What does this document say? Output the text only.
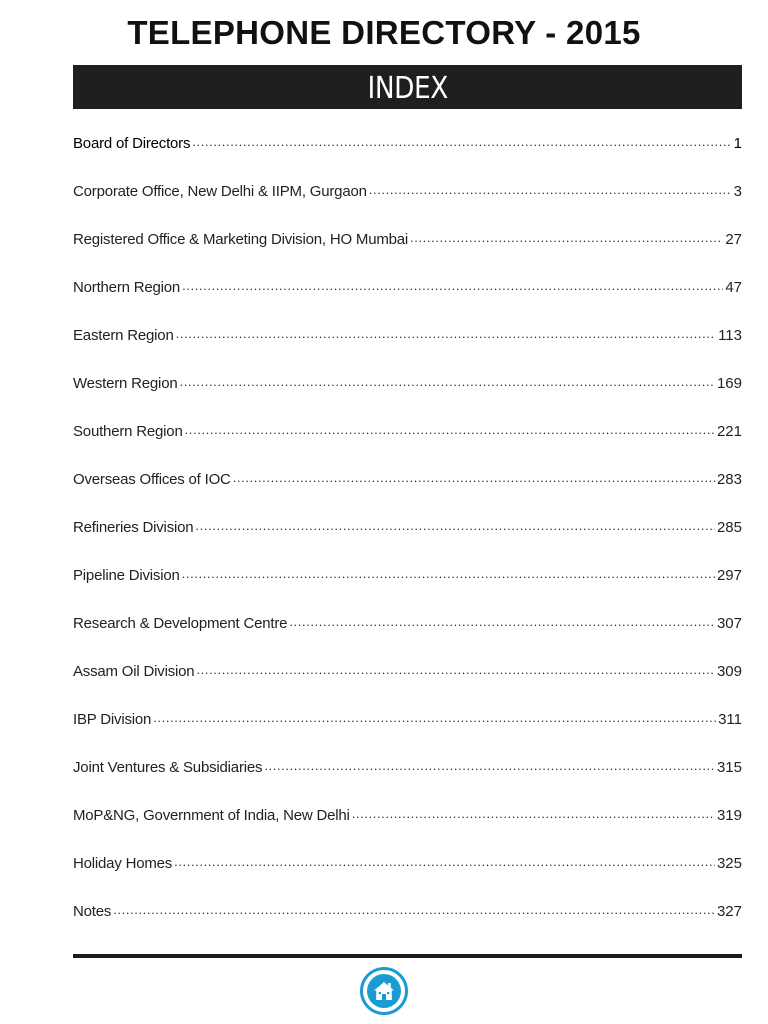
TELEPHONE DIRECTORY - 2015
INDEX
Board of Directors .....	1
Corporate Office, New Delhi & IIPM, Gurgaon .....	3
Registered Office & Marketing Division, HO Mumbai .....	27
Northern Region .....	47
Eastern Region .....	113
Western Region .....	169
Southern Region .....	221
Overseas Offices of IOC .....	283
Refineries Division .....	285
Pipeline Division .....	297
Research & Development Centre .....	307
Assam Oil Division .....	309
IBP Division .....	311
Joint Ventures & Subsidiaries .....	315
MoP&NG, Government of India, New Delhi .....	319
Holiday Homes .....	325
Notes .....	327
